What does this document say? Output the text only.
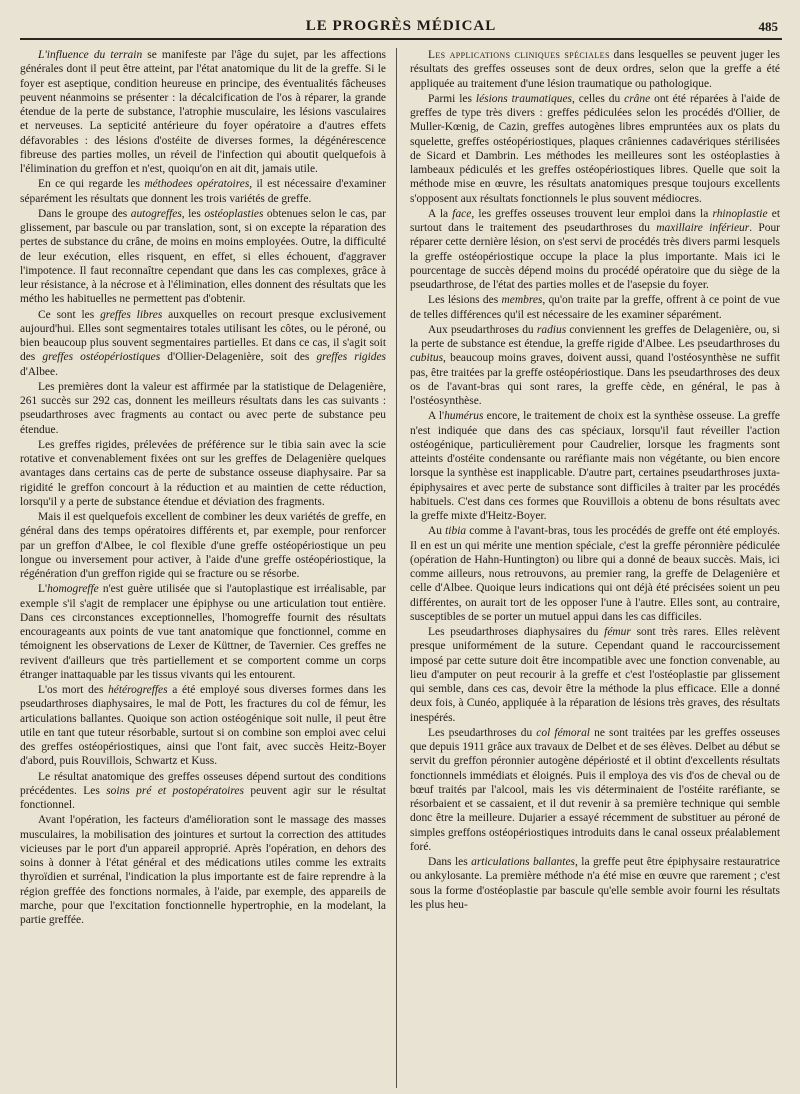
LE PROGRÈS MÉDICAL	485

L'influence du terrain se manifeste par l'âge du sujet, par les affections générales dont il peut être atteint, par l'état anatomique du lit de la greffe. Si le foyer est aseptique, condition heureuse en principe, des éventualités fâcheuses peuvent néanmoins se présenter : la décalcification de l'os à réparer, la grande étendue de la perte de substance, l'atrophie musculaire, les lésions vasculaires et nerveuses. La septicité antérieure du foyer opératoire a d'autres effets défavorables : des lésions d'ostéite de diverses formes, la dégénérescence fibreuse des parties molles, un réveil de l'infection qui aboutit quelquefois à l'élimination du greffon et n'est, quoiqu'on en ait dit, jamais utile.

En ce qui regarde les méthodees opératoires, il est nécessaire d'examiner séparément les résultats que donnent les trois variétés de greffe.

Dans le groupe des autogreffes, les ostéoplasties obtenues selon le cas, par glissement, par bascule ou par translation, sont, si on excepte la réparation des pertes de substance du crâne, de moins en moins employées. Outre, la difficulté de leur exécution, elles risquent, en effet, si elles échouent, d'aggraver l'impotence. Il faut reconnaître cependant que dans les cas complexes, grâce à leur résistance, à la nécrose et à l'élimination, elles donnent des résultats que les métho les habituelles ne permettent pas d'obtenir.

Ce sont les greffes libres auxquelles on recourt presque exclusivement aujourd'hui. Elles sont segmentaires totales utilisant les côtes, ou le péroné, ou bien beaucoup plus souvent segmentaires partielles. Et dans ce cas, il s'agit soit des greffes ostéopériostiques d'Ollier-Delagenière, soit des greffes rigides d'Albee.

Les premières dont la valeur est affirmée par la statistique de Delagenière, 261 succès sur 292 cas, donnent les meilleurs résultats dans les cas suivants : pseudarthroses avec fragments au contact ou avec perte de substance peu étendue.

Les greffes rigides, prélevées de préférence sur le tibia sain avec la scie rotative et convenablement fixées ont sur les greffes de Delagenière quelques avantages dans certains cas de perte de substance osseuse diaphysaire. Par sa rigidité le greffon concourt à la réduction et au maintien de cette réduction, lorsqu'il y a perte de substance étendue et déviation des fragments.

Mais il est quelquefois excellent de combiner les deux variétés de greffe, en général dans des temps opératoires différents et, par exemple, pour renforcer par un greffon d'Albee, le col flexible d'une greffe ostéopériostique un peu longue ou inversement pour activer, à l'aide d'une greffe ostéopériostique, la régénération d'un greffon rigide qui se fracture ou se résorbe.

L'homogreffe n'est guère utilisée que si l'autoplastique est irréalisable, par exemple s'il s'agit de remplacer une épiphyse ou une articulation tout entière. Dans ces circonstances exceptionnelles, l'homogreffe fournit des résultats encourageants aux points de vue tant anatomique que fonctionnel, comme en témoignent les observations de Lexer de Küttner, de Tavernier. Ces greffes ne revivent d'ailleurs que très partiellement et se comportent comme un corps étranger inattaquable par les tissus vivants qui les entourent.

L'os mort des hétérogreffes a été employé sous diverses formes dans les pseudarthroses diaphysaires, le mal de Pott, les fractures du col de fémur, les articulations ballantes. Quoique son action ostéogénique soit nulle, il peut être utile en tant que tuteur résorbable, surtout si on combine son emploi avec celui des greffes ostéopériostiques, ainsi que l'ont fait, avec succès Heitz-Boyer d'abord, puis Rouvillois, Schwartz et Kuss.

Le résultat anatomique des greffes osseuses dépend surtout des conditions précédentes. Les soins pré et postopératoires peuvent agir sur le résultat fonctionnel.

Avant l'opération, les facteurs d'amélioration sont le massage des masses musculaires, la mobilisation des jointures et surtout la correction des attitudes vicieuses par le port d'un appareil approprié. Après l'opération, en dehors des soins à donner à l'état général et des médications utiles comme les extraits thyroïdien et surrénal, l'indication la plus importante est de faire reprendre à la région greffée des fonctions normales, à l'aide, par exemple, des appareils de marche, pour que l'excitation fonctionnelle hypertrophie, en la modelant, la partie greffée.

Les applications cliniques spéciales dans lesquelles se peuvent juger les résultats des greffes osseuses sont de deux ordres, selon que la greffe a été appliquée au traitement d'une lésion traumatique ou pathologique.

Parmi les lésions traumatiques, celles du crâne ont été réparées à l'aide de greffes de type très divers : greffes pédiculées selon les procédés d'Ollier, de Muller-Kœnig, de Cazin, greffes autogènes libres empruntées aux os plats du squelette, greffes ostéopériostiques, plaques crâniennes cadavériques stérilisées de Sicard et Dambrin. Les méthodes les meilleures sont les ostéoplasties à lambeaux pédiculés et les greffes ostéopériostiques libres. Quelle que soit la méthode mise en œuvre, les résultats anatomiques presque toujours excellents s'opposent aux résultats fonctionnels le plus souvent médiocres.

A la face, les greffes osseuses trouvent leur emploi dans la rhinoplastie et surtout dans le traitement des pseudarthroses du maxillaire inférieur. Pour réparer cette dernière lésion, on s'est servi de procédés très divers parmi lesquels la greffe ostéopériostique occupe la place la plus importante. Mais ici le pourcentage de succès dépend moins du procédé opératoire que du siège de la pseudarthrose, de l'état des parties molles et de l'asepsie du foyer.

Les lésions des membres, qu'on traite par la greffe, offrent à ce point de vue de telles différences qu'il est nécessaire de les examiner séparément.

Aux pseudarthroses du radius conviennent les greffes de Delagenière, ou, si la perte de substance est étendue, la greffe rigide d'Albee. Les pseudarthroses du cubitus, beaucoup moins graves, doivent aussi, quand l'ostéosynthèse ne suffit pas, être traitées par la greffe ostéopériostique. Dans les pseudarthroses des deux os de l'avant-bras qui sont rares, la greffe cède, en général, le pas à l'ostéosynthèse.

A l'humérus encore, le traitement de choix est la synthèse osseuse. La greffe n'est indiquée que dans des cas spéciaux, lorsqu'il faut réveiller l'action ostéogénique, particulièrement pour Caudrelier, lorsque les fragments sont atteints d'ostéite condensante ou raréfiante mais non végétante, ou bien encore lorsque la synthèse est inapplicable. D'autre part, certaines pseudarthroses juxta-épiphysaires et avec perte de substance sont difficiles à traiter par les procédés habituels. C'est dans ces formes que Rouvillois a obtenu de bons résultats avec la greffe mixte d'Heitz-Boyer.

Au tibia comme à l'avant-bras, tous les procédés de greffe ont été employés. Il en est un qui mérite une mention spéciale, c'est la greffe péronnière pédiculée (opération de Hahn-Huntington) ou libre qui a donné de beaux succès. Mais, ici comme ailleurs, nous retrouvons, au premier rang, la greffe de Delagenière et celle d'Albee. Quoique leurs indications qui ont déjà été précisées soient un peu différentes, on aurait tort de les opposer l'une à l'autre. Elles sont, au contraire, susceptibles de se porter un mutuel appui dans les cas difficiles.

Les pseudarthroses diaphysaires du fémur sont très rares. Elles relèvent presque uniformément de la suture. Cependant quand le raccourcissement imposé par cette suture doit être incompatible avec une fonction convenable, au lieu d'amputer on peut recourir à la greffe et c'est l'ostéoplastie par glissement qui semble, dans ces cas, devoir être la méthode la plus efficace. Elle a donné deux fois, à Cunéo, appliquée à la réparation de lésions très graves, des résultats inespérés.

Les pseudarthroses du col fémoral ne sont traitées par les greffes osseuses que depuis 1911 grâce aux travaux de Delbet et de ses élèves. Delbet au début se servit du greffon péronnier autogène dépériosté et il obtint d'excellents résultats fonctionnels immédiats et éloignés. Puis il employa des vis d'os de cheval ou de bœuf traités par l'alcool, mais les vis déterminaient de l'ostéite raréfiante, se résorbaient et se cassaient, et il dut revenir à sa première technique qui semble donc être la meilleure. Dujarier a essayé récemment de substituer au péroné de simples greffons ostéopériostiques introduits dans le canal osseux préalablement foré.

Dans les articulations ballantes, la greffe peut être épiphysaire restauratrice ou ankylosante. La première méthode n'a été mise en œuvre que rarement ; c'est sous la forme d'ostéoplastie par bascule qu'elle semble avoir fourni les résultats les plus heu-
